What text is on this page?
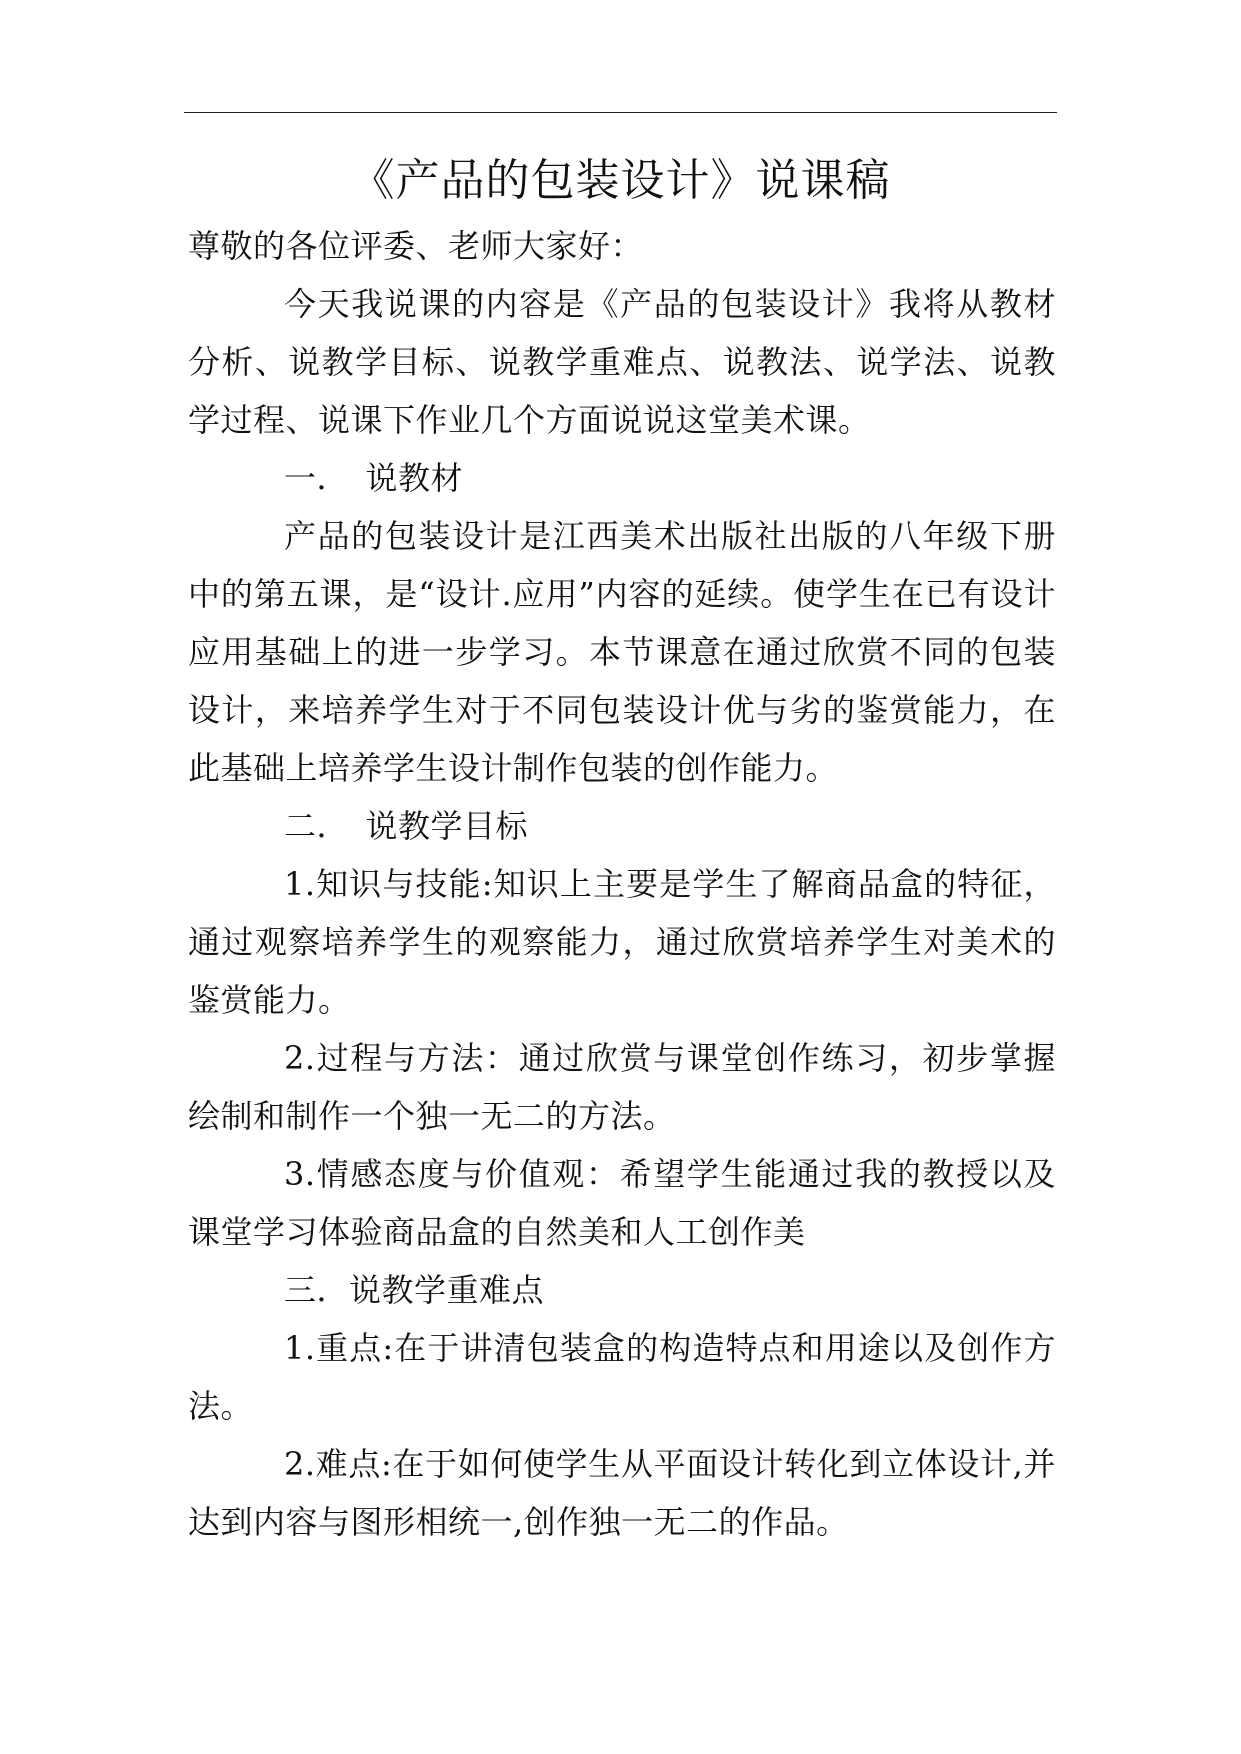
《产品的包装设计》说课稿

尊敬的各位评委、老师大家好：

今天我说课的内容是《产品的包装设计》我将从教材分析、说教学目标、说教学重难点、说教法、说学法、说教学过程、说课下作业几个方面说说这堂美术课。

一．　说教材

产品的包装设计是江西美术出版社出版的八年级下册中的第五课，是“设计.应用”内容的延续。使学生在已有设计应用基础上的进一步学习。本节课意在通过欣赏不同的包装设计，来培养学生对于不同包装设计优与劣的鉴赏能力，在此基础上培养学生设计制作包装的创作能力。

二．　说教学目标

1.知识与技能:知识上主要是学生了解商品盒的特征，通过观察培养学生的观察能力，通过欣赏培养学生对美术的鉴赏能力。

2.过程与方法：通过欣赏与课堂创作练习，初步掌握绘制和制作一个独一无二的方法。

3.情感态度与价值观：希望学生能通过我的教授以及课堂学习体验商品盒的自然美和人工创作美

三．说教学重难点

1.重点:在于讲清包装盒的构造特点和用途以及创作方法。

2.难点:在于如何使学生从平面设计转化到立体设计,并达到内容与图形相统一,创作独一无二的作品。
